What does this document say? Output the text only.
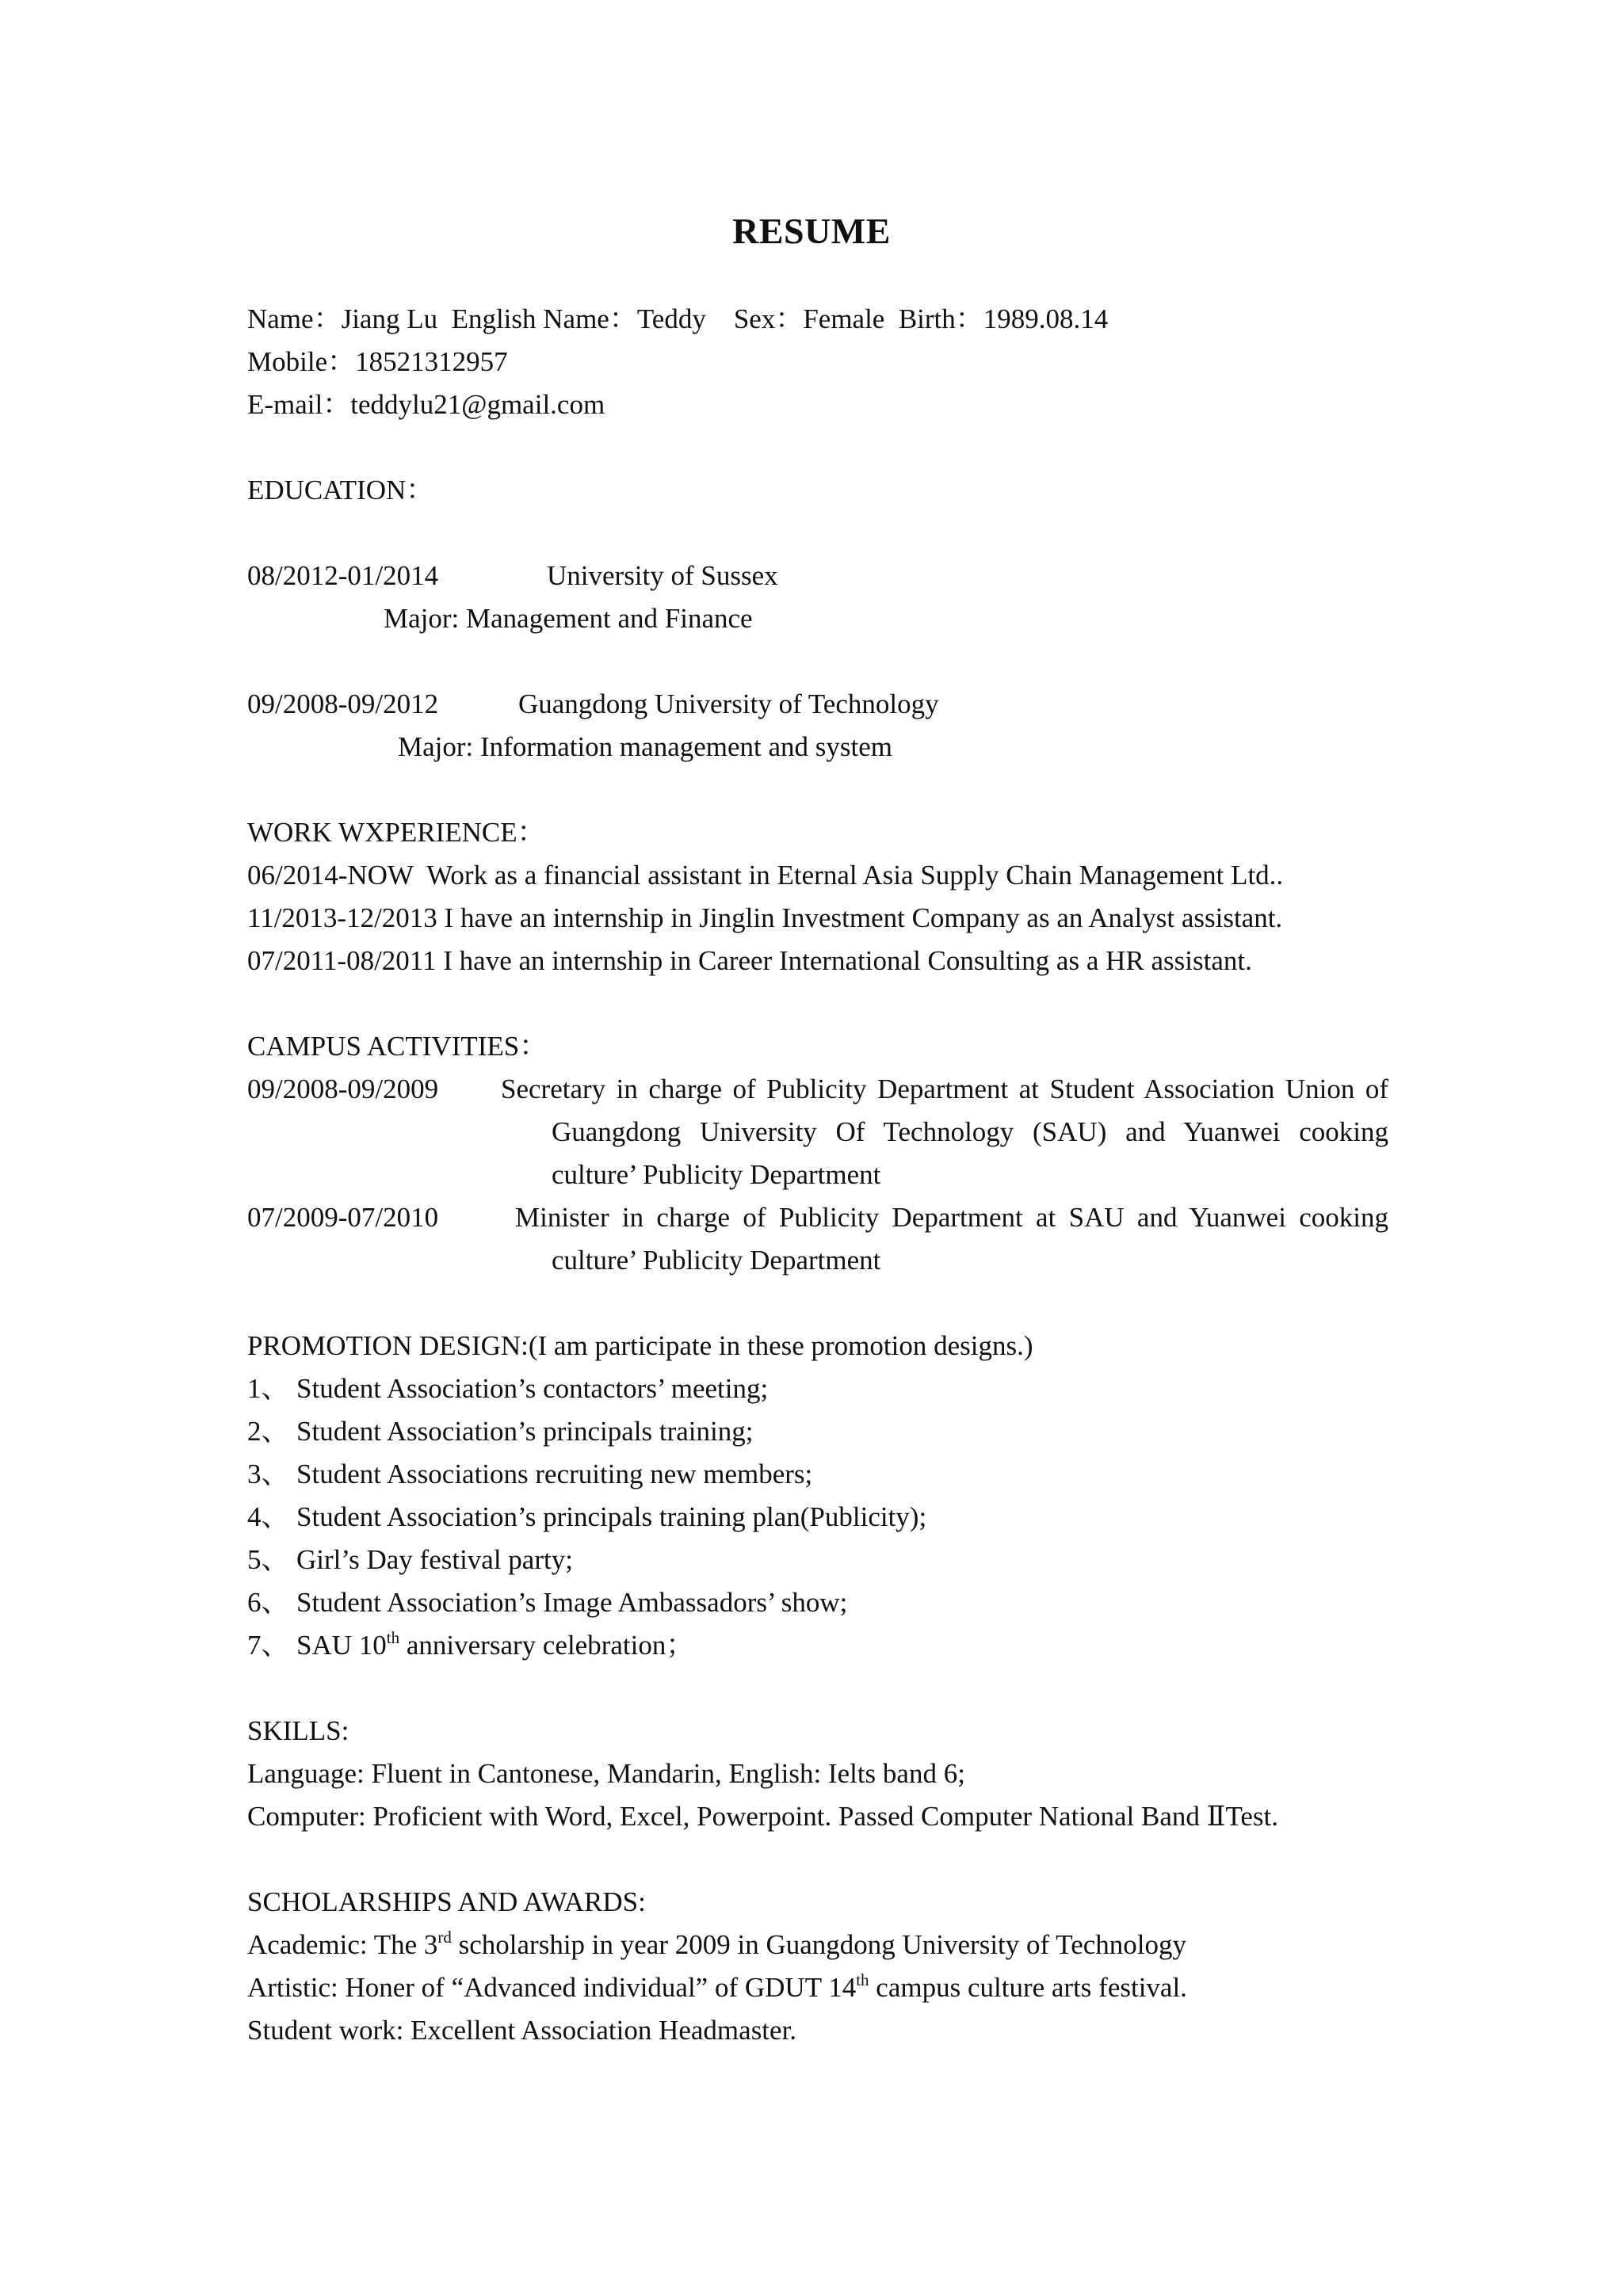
RESUME
Name：Jiang Lu  English Name：Teddy    Sex：Female  Birth：1989.08.14
Mobile：18521312957
E-mail：teddylu21@gmail.com
EDUCATION：
08/2012-01/2014	University of Sussex
Major: Management and Finance
09/2008-09/2012	Guangdong University of Technology
Major: Information management and system
WORK WXPERIENCE：
06/2014-NOW  Work as a financial assistant in Eternal Asia Supply Chain Management Ltd..
11/2013-12/2013 I have an internship in Jinglin Investment Company as an Analyst assistant.
07/2011-08/2011 I have an internship in Career International Consulting as a HR assistant.
CAMPUS ACTIVITIES：
09/2008-09/2009 Secretary in charge of Publicity Department at Student Association Union of
Guangdong University Of Technology (SAU) and Yuanwei cooking
culture’ Publicity Department
07/2009-07/2010	Minister in charge of Publicity Department at SAU and Yuanwei cooking
culture’ Publicity Department
PROMOTION DESIGN:(I am participate in these promotion designs.)
1、 Student Association’s contactors’ meeting;
2、 Student Association’s principals training;
3、 Student Associations recruiting new members;
4、 Student Association’s principals training plan(Publicity);
5、 Girl’s Day festival party;
6、 Student Association’s Image Ambassadors’ show;
7、 SAU 10th anniversary celebration；
SKILLS:
Language: Fluent in Cantonese, Mandarin, English: Ielts band 6;
Computer: Proficient with Word, Excel, Powerpoint. Passed Computer National Band ⅡTest.
SCHOLARSHIPS AND AWARDS:
Academic: The 3rd scholarship in year 2009 in Guangdong University of Technology
Artistic: Honer of “Advanced individual” of GDUT 14th campus culture arts festival.
Student work: Excellent Association Headmaster.
